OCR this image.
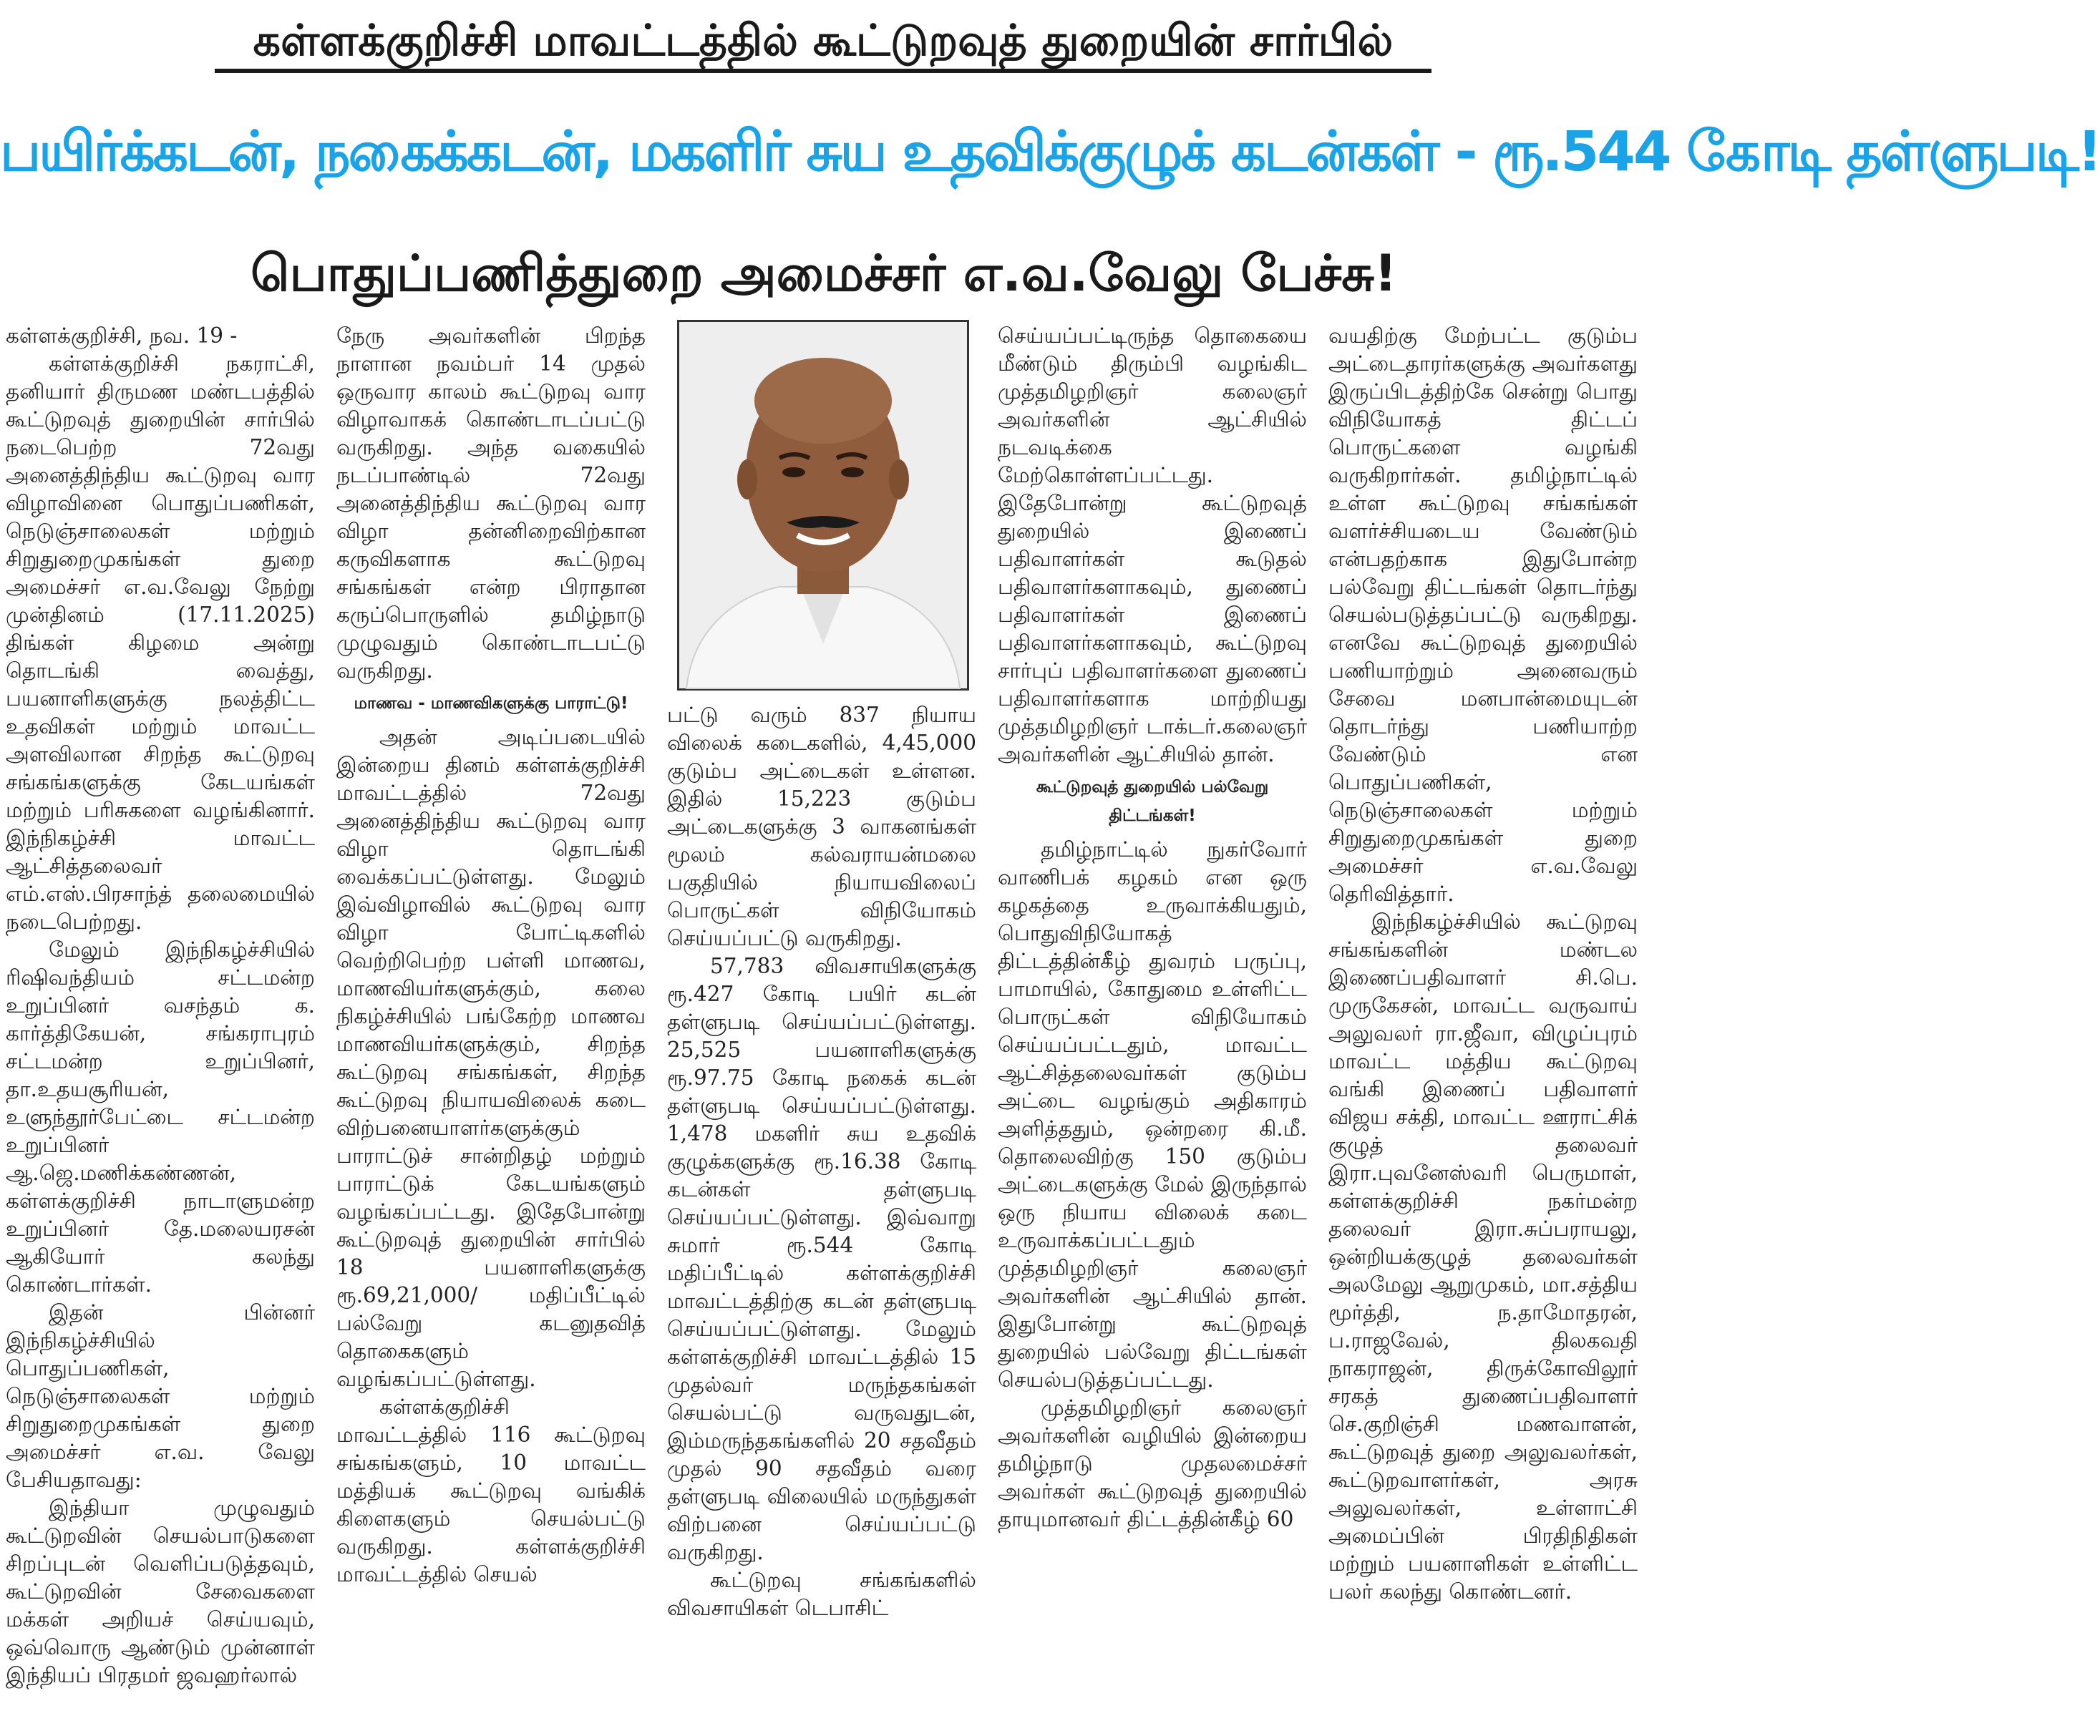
கள்ளக்குறிச்சி மாவட்டத்தில் கூட்டுறவுத் துறையின் சார்பில்
பயிர்க்கடன், நகைக்கடன், மகளிர் சுய உதவிக்குழுக் கடன்கள் - ரூ.544 கோடி தள்ளுபடி!
பொதுப்பணித்துறை அமைச்சர் எ.வ.வேலு பேச்சு!

கள்ளக்குறிச்சி, நவ. 19 -

கள்ளக்குறிச்சி நகராட்சி, தனியார் திருமண மண்டபத்தில் கூட்டுறவுத் துறையின் சார்பில் நடைபெற்ற 72வது அனைத்திந்திய கூட்டுறவு வார விழாவினை பொதுப்பணிகள், நெடுஞ்சாலைகள் மற்றும் சிறுதுறைமுகங்கள் துறை அமைச்சர் எ.வ.வேலு நேற்று முன்தினம் (17.11.2025) திங்கள் கிழமை அன்று தொடங்கி வைத்து, பயனாளிகளுக்கு நலத்திட்ட உதவிகள் மற்றும் மாவட்ட அளவிலான சிறந்த கூட்டுறவு சங்கங்களுக்கு கேடயங்கள் மற்றும் பரிசுகளை வழங்கினார். இந்நிகழ்ச்சி மாவட்ட ஆட்சித்தலைவர் எம்.எஸ்.பிரசாந்த் தலைமையில் நடைபெற்றது.

மேலும் இந்நிகழ்ச்சியில் ரிஷிவந்தியம் சட்டமன்ற உறுப்பினர் வசந்தம் க. கார்த்திகேயன், சங்கராபுரம் சட்டமன்ற உறுப்பினர், தா.உதயசூரியன், உளுந்தூர்பேட்டை சட்டமன்ற உறுப்பினர் ஆ.ஜெ.மணிக்கண்ணன், கள்ளக்குறிச்சி நாடாளுமன்ற உறுப்பினர் தே.மலையரசன் ஆகியோர் கலந்து கொண்டார்கள்.

இதன் பின்னர் இந்நிகழ்ச்சியில் பொதுப்பணிகள், நெடுஞ்சாலைகள் மற்றும் சிறுதுறைமுகங்கள் துறை அமைச்சர் எ.வ. வேலு பேசியதாவது:

இந்தியா முழுவதும் கூட்டுறவின் செயல்பாடுகளை சிறப்புடன் வெளிப்படுத்தவும், கூட்டுறவின் சேவைகளை மக்கள் அறியச் செய்யவும், ஒவ்வொரு ஆண்டும் முன்னாள் இந்தியப் பிரதமர் ஜவஹர்லால்

நேரு அவர்களின் பிறந்த நாளான நவம்பர் 14 முதல் ஒருவார காலம் கூட்டுறவு வார விழாவாகக் கொண்டாடப்பட்டு வருகிறது. அந்த வகையில் நடப்பாண்டில் 72வது அனைத்திந்திய கூட்டுறவு வார விழா தன்னிறைவிற்கான கருவிகளாக கூட்டுறவு சங்கங்கள் என்ற பிராதான கருப்பொருளில் தமிழ்நாடு முழுவதும் கொண்டாடபட்டு வருகிறது.

மாணவ - மாணவிகளுக்கு பாராட்டு!

அதன் அடிப்படையில் இன்றைய தினம் கள்ளக்குறிச்சி மாவட்டத்தில் 72வது அனைத்திந்திய கூட்டுறவு வார விழா தொடங்கி வைக்கப்பட்டுள்ளது. மேலும் இவ்விழாவில் கூட்டுறவு வார விழா போட்டிகளில் வெற்றிபெற்ற பள்ளி மாணவ, மாணவியர்களுக்கும், கலை நிகழ்ச்சியில் பங்கேற்ற மாணவ மாணவியர்களுக்கும், சிறந்த கூட்டுறவு சங்கங்கள், சிறந்த கூட்டுறவு நியாயவிலைக் கடை விற்பனையாளர்களுக்கும் பாராட்டுச் சான்றிதழ் மற்றும் பாராட்டுக் கேடயங்களும் வழங்கப்பட்டது. இதேபோன்று கூட்டுறவுத் துறையின் சார்பில் 18 பயனாளிகளுக்கு ரூ.69,21,000/ மதிப்பீட்டில் பல்வேறு கடனுதவித் தொகைகளும் வழங்கப்பட்டுள்ளது.

கள்ளக்குறிச்சி மாவட்டத்தில் 116 கூட்டுறவு சங்கங்களும், 10 மாவட்ட மத்தியக் கூட்டுறவு வங்கிக் கிளைகளும் செயல்பட்டு வருகிறது. கள்ளக்குறிச்சி மாவட்டத்தில் செயல்

பட்டு வரும் 837 நியாய விலைக் கடைகளில், 4,45,000 குடும்ப அட்டைகள் உள்ளன. இதில் 15,223 குடும்ப அட்டைகளுக்கு 3 வாகனங்கள் மூலம் கல்வராயன்மலை பகுதியில் நியாயவிலைப் பொருட்கள் விநியோகம் செய்யப்பட்டு வருகிறது.

57,783 விவசாயிகளுக்கு ரூ.427 கோடி பயிர் கடன் தள்ளுபடி செய்யப்பட்டுள்ளது. 25,525 பயனாளிகளுக்கு ரூ.97.75 கோடி நகைக் கடன் தள்ளுபடி செய்யப்பட்டுள்ளது. 1,478 மகளிர் சுய உதவிக் குழுக்களுக்கு ரூ.16.38 கோடி கடன்கள் தள்ளுபடி செய்யப்பட்டுள்ளது. இவ்வாறு சுமார் ரூ.544 கோடி மதிப்பீட்டில் கள்ளக்குறிச்சி மாவட்டத்திற்கு கடன் தள்ளுபடி செய்யப்பட்டுள்ளது. மேலும் கள்ளக்குறிச்சி மாவட்டத்தில் 15 முதல்வர் மருந்தகங்கள் செயல்பட்டு வருவதுடன், இம்மருந்தகங்களில் 20 சதவீதம் முதல் 90 சதவீதம் வரை தள்ளுபடி விலையில் மருந்துகள் விற்பனை செய்யப்பட்டு வருகிறது.

கூட்டுறவு சங்கங்களில் விவசாயிகள் டெபாசிட்

செய்யப்பட்டிருந்த தொகையை மீண்டும் திரும்பி வழங்கிட முத்தமிழறிஞர் கலைஞர் அவர்களின் ஆட்சியில் நடவடிக்கை மேற்கொள்ளப்பட்டது. இதேபோன்று கூட்டுறவுத் துறையில் இணைப் பதிவாளர்கள் கூடுதல் பதிவாளர்களாகவும், துணைப் பதிவாளர்கள் இணைப் பதிவாளர்களாகவும், கூட்டுறவு சார்புப் பதிவாளர்களை துணைப் பதிவாளர்களாக மாற்றியது முத்தமிழறிஞர் டாக்டர்.கலைஞர் அவர்களின் ஆட்சியில் தான்.

கூட்டுறவுத் துறையில் பல்வேறு திட்டங்கள்!

தமிழ்நாட்டில் நுகர்வோர் வாணிபக் கழகம் என ஒரு கழகத்தை உருவாக்கியதும், பொதுவிநியோகத் திட்டத்தின்கீழ் துவரம் பருப்பு, பாமாயில், கோதுமை உள்ளிட்ட பொருட்கள் விநியோகம் செய்யப்பட்டதும், மாவட்ட ஆட்சித்தலைவர்கள் குடும்ப அட்டை வழங்கும் அதிகாரம் அளித்ததும், ஒன்றரை கி.மீ. தொலைவிற்கு 150 குடும்ப அட்டைகளுக்கு மேல் இருந்தால் ஒரு நியாய விலைக் கடை உருவாக்கப்பட்டதும் முத்தமிழறிஞர் கலைஞர் அவர்களின் ஆட்சியில் தான். இதுபோன்று கூட்டுறவுத் துறையில் பல்வேறு திட்டங்கள் செயல்படுத்தப்பட்டது.

முத்தமிழறிஞர் கலைஞர் அவர்களின் வழியில் இன்றைய தமிழ்நாடு முதலமைச்சர் அவர்கள் கூட்டுறவுத் துறையில் தாயுமானவர் திட்டத்தின்கீழ் 60

வயதிற்கு மேற்பட்ட குடும்ப அட்டைதாரர்களுக்கு அவர்களது இருப்பிடத்திற்கே சென்று பொது விநியோகத் திட்டப் பொருட்களை வழங்கி வருகிறார்கள். தமிழ்நாட்டில் உள்ள கூட்டுறவு சங்கங்கள் வளர்ச்சியடைய வேண்டும் என்பதற்காக இதுபோன்ற பல்வேறு திட்டங்கள் தொடர்ந்து செயல்படுத்தப்பட்டு வருகிறது. எனவே கூட்டுறவுத் துறையில் பணியாற்றும் அனைவரும் சேவை மனபான்மையுடன் தொடர்ந்து பணியாற்ற வேண்டும் என பொதுப்பணிகள், நெடுஞ்சாலைகள் மற்றும் சிறுதுறைமுகங்கள் துறை அமைச்சர் எ.வ.வேலு தெரிவித்தார்.

இந்நிகழ்ச்சியில் கூட்டுறவு சங்கங்களின் மண்டல இணைப்பதிவாளர் சி.பெ. முருகேசன், மாவட்ட வருவாய் அலுவலர் ரா.ஜீவா, விழுப்புரம் மாவட்ட மத்திய கூட்டுறவு வங்கி இணைப் பதிவாளர் விஜய சக்தி, மாவட்ட ஊராட்சிக் குழுத் தலைவர் இரா.புவனேஸ்வரி பெருமாள், கள்ளக்குறிச்சி நகர்மன்ற தலைவர் இரா.சுப்பராயலு, ஒன்றியக்குழுத் தலைவர்கள் அலமேலு ஆறுமுகம், மா.சத்திய மூர்த்தி, ந.தாமோதரன், ப.ராஜவேல், திலகவதி நாகராஜன், திருக்கோவிலூர் சரகத் துணைப்பதிவாளர் செ.குறிஞ்சி மணவாளன், கூட்டுறவுத் துறை அலுவலர்கள், கூட்டுறவாளர்கள், அரசு அலுவலர்கள், உள்ளாட்சி அமைப்பின் பிரதிநிதிகள் மற்றும் பயனாளிகள் உள்ளிட்ட பலர் கலந்து கொண்டனர்.
